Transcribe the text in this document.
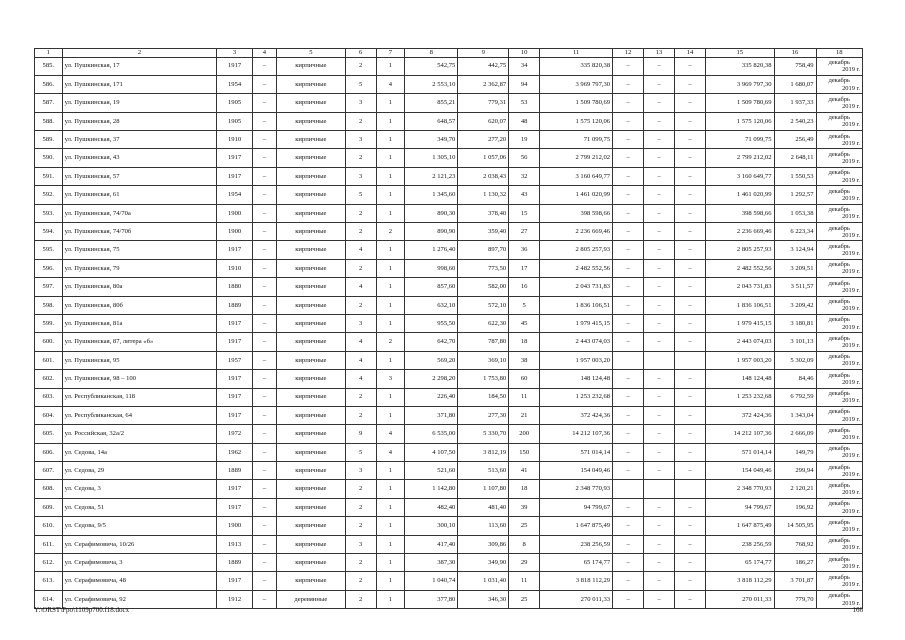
1	2	3	4	5	6	7	8	9	10	11	12	13	14	15	16	18
585.	ул. Пушкинская, 17	1917	–	кирпичные	2	1	542,75	442,75	34	335 820,38	–	–	–	335 820,38	758,49	декабрь
2019 г.

586.	ул. Пушкинская, 171	1954	–	кирпичные	5	4	2 553,10	2 362,87	94	3 969 797,30	–	–	–	3 969 797,30	1 680,07	декабрь
2019 г.

587.	ул. Пушкинская, 19	1905	–	кирпичные	3	1	855,21	779,31	53	1 509 780,69	–	–	–	1 509 780,69	1 937,33	декабрь
2019 г.

588.	ул. Пушкинская, 28	1905	–	кирпичные	2	1	648,57	620,07	48	1 575 120,06	–	–	–	1 575 120,06	2 540,23	декабрь
2019 г.

589.	ул. Пушкинская, 37	1910	–	кирпичные	3	1	349,70	277,20	19	71 099,75	–	–	–	71 099,75	256,49	декабрь
2019 г.

590.	ул. Пушкинская, 43	1917	–	кирпичные	2	1	1 305,10	1 057,06	56	2 799 212,02	–	–	–	2 799 212,02	2 648,11	декабрь
2019 г.

591.	ул. Пушкинская, 57	1917	–	кирпичные	3	1	2 121,23	2 038,43	32	3 160 649,77	–	–	–	3 160 649,77	1 550,53	декабрь
2019 г.

592.	ул. Пушкинская, 61	1954	–	кирпичные	5	1	1 345,60	1 130,32	43	1 461 020,99	–	–	–	1 461 020,99	1 292,57	декабрь
2019 г.

593.	ул. Пушкинская, 74/70а	1900	–	кирпичные	2	1	890,30	378,40	15	398 598,66	–	–	–	398 598,66	1 053,38	декабрь
2019 г.

594.	ул. Пушкинская, 74/70б	1900	–	кирпичные	2	2	890,90	359,40	27	2 236 669,46	–	–	–	2 236 669,46	6 223,34	декабрь
2019 г.

595.	ул. Пушкинская, 75	1917	–	кирпичные	4	1	1 276,40	897,70	36	2 805 257,93	–	–	–	2 805 257,93	3 124,94	декабрь
2019 г.

596.	ул. Пушкинская, 79	1910	–	кирпичные	2	1	998,60	773,50	17	2 482 552,56	–	–	–	2 482 552,56	3 209,51	декабрь
2019 г.

597.	ул. Пушкинская, 80а	1880	–	кирпичные	4	1	857,60	582,00	16	2 043 731,83	–	–	–	2 043 731,83	3 511,57	декабрь
2019 г.

598.	ул. Пушкинская, 80б	1889	–	кирпичные	2	1	632,10	572,10	5	1 836 106,51	–	–	–	1 836 106,51	3 209,42	декабрь
2019 г.

599.	ул. Пушкинская, 81а	1917	–	кирпичные	3	1	955,50	622,30	45	1 979 415,15	–	–	–	1 979 415,15	3 180,81	декабрь
2019 г.

600.	ул. Пушкинская, 87, литера «б»	1917	–	кирпичные	4	2	642,70	787,80	18	2 443 074,03	–	–	–	2 443 074,03	3 101,13	декабрь
2019 г.

601.	ул. Пушкинская, 95	1957	–	кирпичные	4	1	569,20	369,10	38	1 957 003,20				1 957 003,20	5 302,09	декабрь
2019 г.

602.	ул. Пушкинская, 98 – 100	1917	–	кирпичные	4	3	2 298,20	1 753,80	60	148 124,48	–	–	–	148 124,48	84,46	декабрь
2019 г.

603.	ул. Республиканская, 118	1917	–	кирпичные	2	1	226,40	184,50	11	1 253 232,68	–	–	–	1 253 232,68	6 792,59	декабрь
2019 г.

604.	ул. Республиканская, 64	1917	–	кирпичные	2	1	371,80	277,30	21	372 424,36	–	–	–	372 424,36	1 343,04	декабрь
2019 г.

605.	ул. Российская, 32а/2	1972	–	кирпичные	9	4	6 535,00	5 330,70	200	14 212 107,36	–	–	–	14 212 107,36	2 666,09	декабрь
2019 г.

606.	ул. Седова, 14а	1962	–	кирпичные	5	4	4 107,50	3 812,19	150	571 014,14	–	–	–	571 014,14	149,79	декабрь
2019 г.

607.	ул. Седова, 29	1889	–	кирпичные	3	1	521,60	513,60	41	154 049,46	–	–	–	154 049,46	299,94	декабрь
2019 г.

608.	ул. Седова, 3	1917	–	кирпичные	2	1	1 142,80	1 107,80	18	2 348 770,93				2 348 770,93	2 120,21	декабрь
2019 г.

609.	ул. Седова, 51	1917	–	кирпичные	2	1	482,40	481,40	39	94 799,67	–	–	–	94 799,67	196,92	декабрь
2019 г.

610.	ул. Седова, 9/5	1900	–	кирпичные	2	1	300,10	113,60	25	1 647 875,49	–	–	–	1 647 875,49	14 505,95	декабрь
2019 г.

611.	ул. Серафимовича, 10/26	1913	–	кирпичные	3	1	417,40	309,86	8	238 256,59	–	–	–	238 256,59	768,92	декабрь
2019 г.

612.	ул. Серафимовича, 3	1889	–	кирпичные	2	1	387,30	349,90	29	65 174,77	–	–	–	65 174,77	186,27	декабрь
2019 г.

613.	ул. Серафимовича, 48	1917	–	кирпичные	2	1	1 040,74	1 031,40	11	3 818 112,29	–	–	–	3 818 112,29	3 701,87	декабрь
2019 г.

614.	ул. Серафимовича, 92	1912	–	деревянные	2	1	377,80	346,30	25	270 011,33	–	–	–	270 011,33	779,70	декабрь
2019 г.
Y:\ORST\Ppo\1109p700.f18.docx	166
